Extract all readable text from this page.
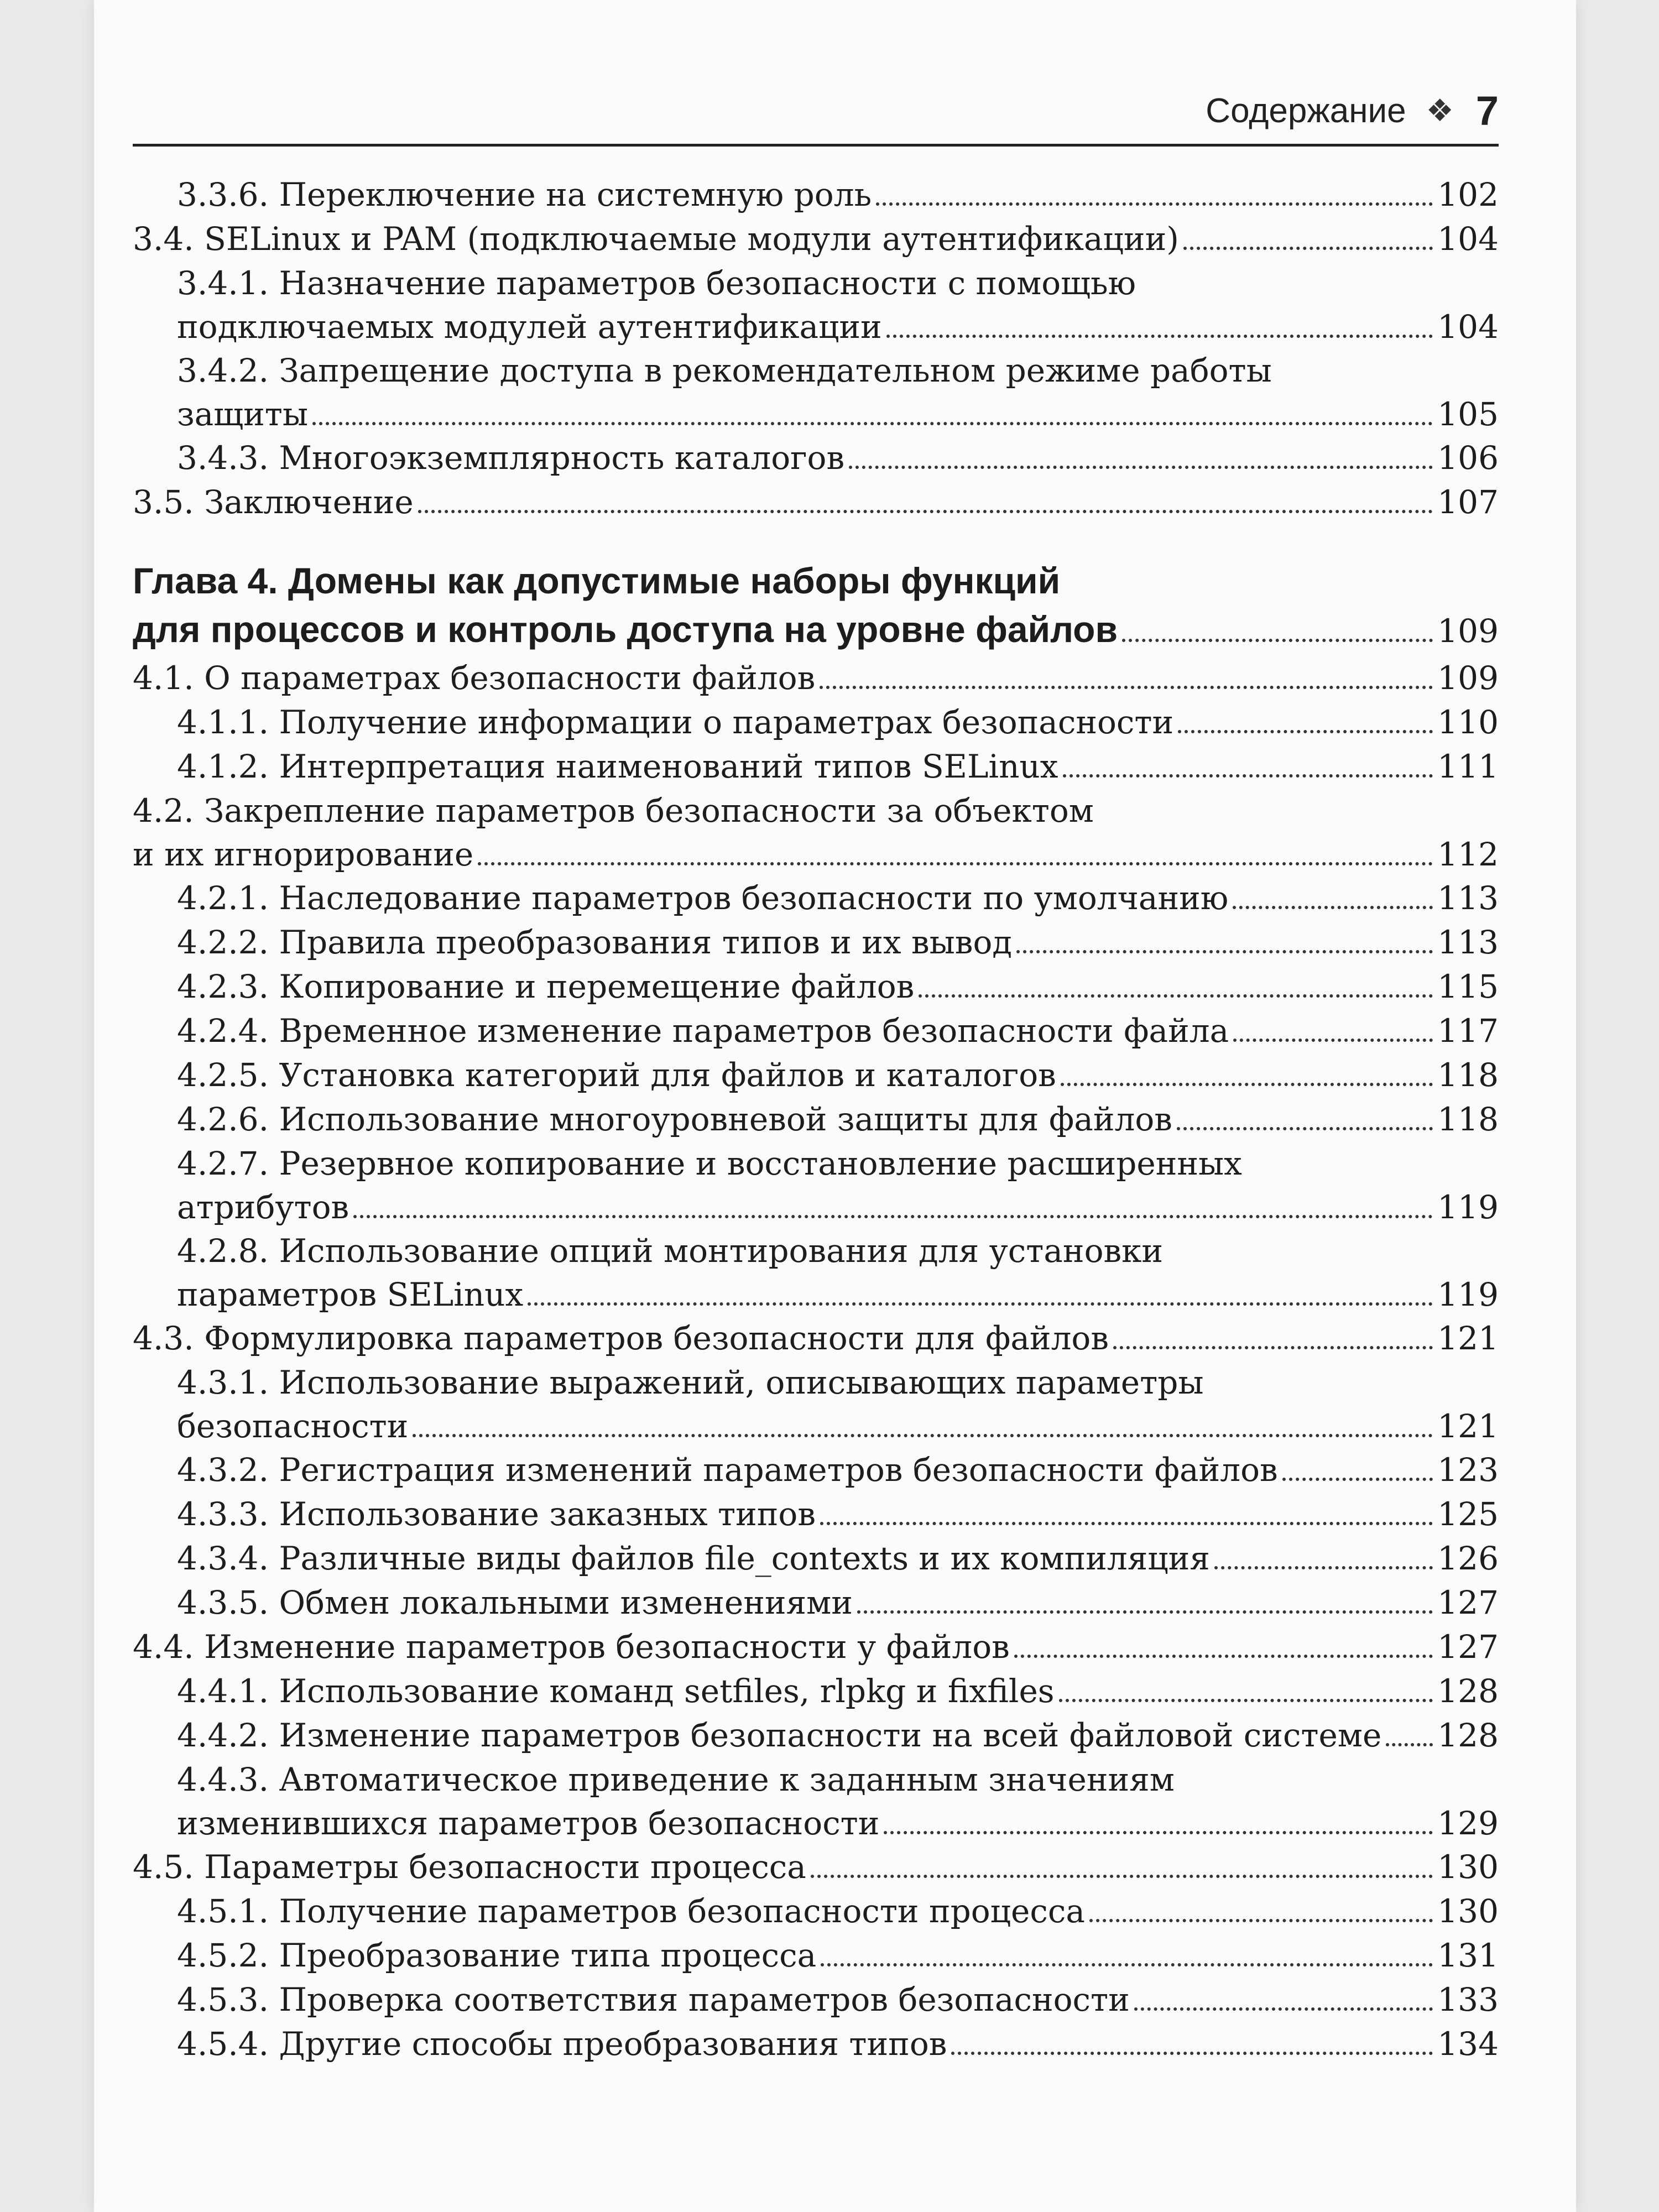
Содержание ❖ 7
3.3.6. Переключение на системную роль	102
3.4. SELinux и PAM (подключаемые модули аутентификации)	104
3.4.1. Назначение параметров безопасности с помощью
подключаемых модулей аутентификации	104
3.4.2. Запрещение доступа в рекомендательном режиме работы
защиты	105
3.4.3. Многоэкземплярность каталогов	106
3.5. Заключение	107
Глава 4. Домены как допустимые наборы функций
для процессов и контроль доступа на уровне файлов	109
4.1. О параметрах безопасности файлов	109
4.1.1. Получение информации о параметрах безопасности	110
4.1.2. Интерпретация наименований типов SELinux	111
4.2. Закрепление параметров безопасности за объектом
и их игнорирование	112
4.2.1. Наследование параметров безопасности по умолчанию	113
4.2.2. Правила преобразования типов и их вывод	113
4.2.3. Копирование и перемещение файлов	115
4.2.4. Временное изменение параметров безопасности файла	117
4.2.5. Установка категорий для файлов и каталогов	118
4.2.6. Использование многоуровневой защиты для файлов	118
4.2.7. Резервное копирование и восстановление расширенных
атрибутов	119
4.2.8. Использование опций монтирования для установки
параметров SELinux	119
4.3. Формулировка параметров безопасности для файлов	121
4.3.1. Использование выражений, описывающих параметры
безопасности	121
4.3.2. Регистрация изменений параметров безопасности файлов	123
4.3.3. Использование заказных типов	125
4.3.4. Различные виды файлов file_contexts и их компиляция	126
4.3.5. Обмен локальными изменениями	127
4.4. Изменение параметров безопасности у файлов	127
4.4.1. Использование команд setfiles, rlpkg и fixfiles	128
4.4.2. Изменение параметров безопасности на всей файловой системе 128
4.4.3. Автоматическое приведение к заданным значениям
изменившихся параметров безопасности	129
4.5. Параметры безопасности процесса	130
4.5.1. Получение параметров безопасности процесса	130
4.5.2. Преобразование типа процесса	131
4.5.3. Проверка соответствия параметров безопасности	133
4.5.4. Другие способы преобразования типов	134
